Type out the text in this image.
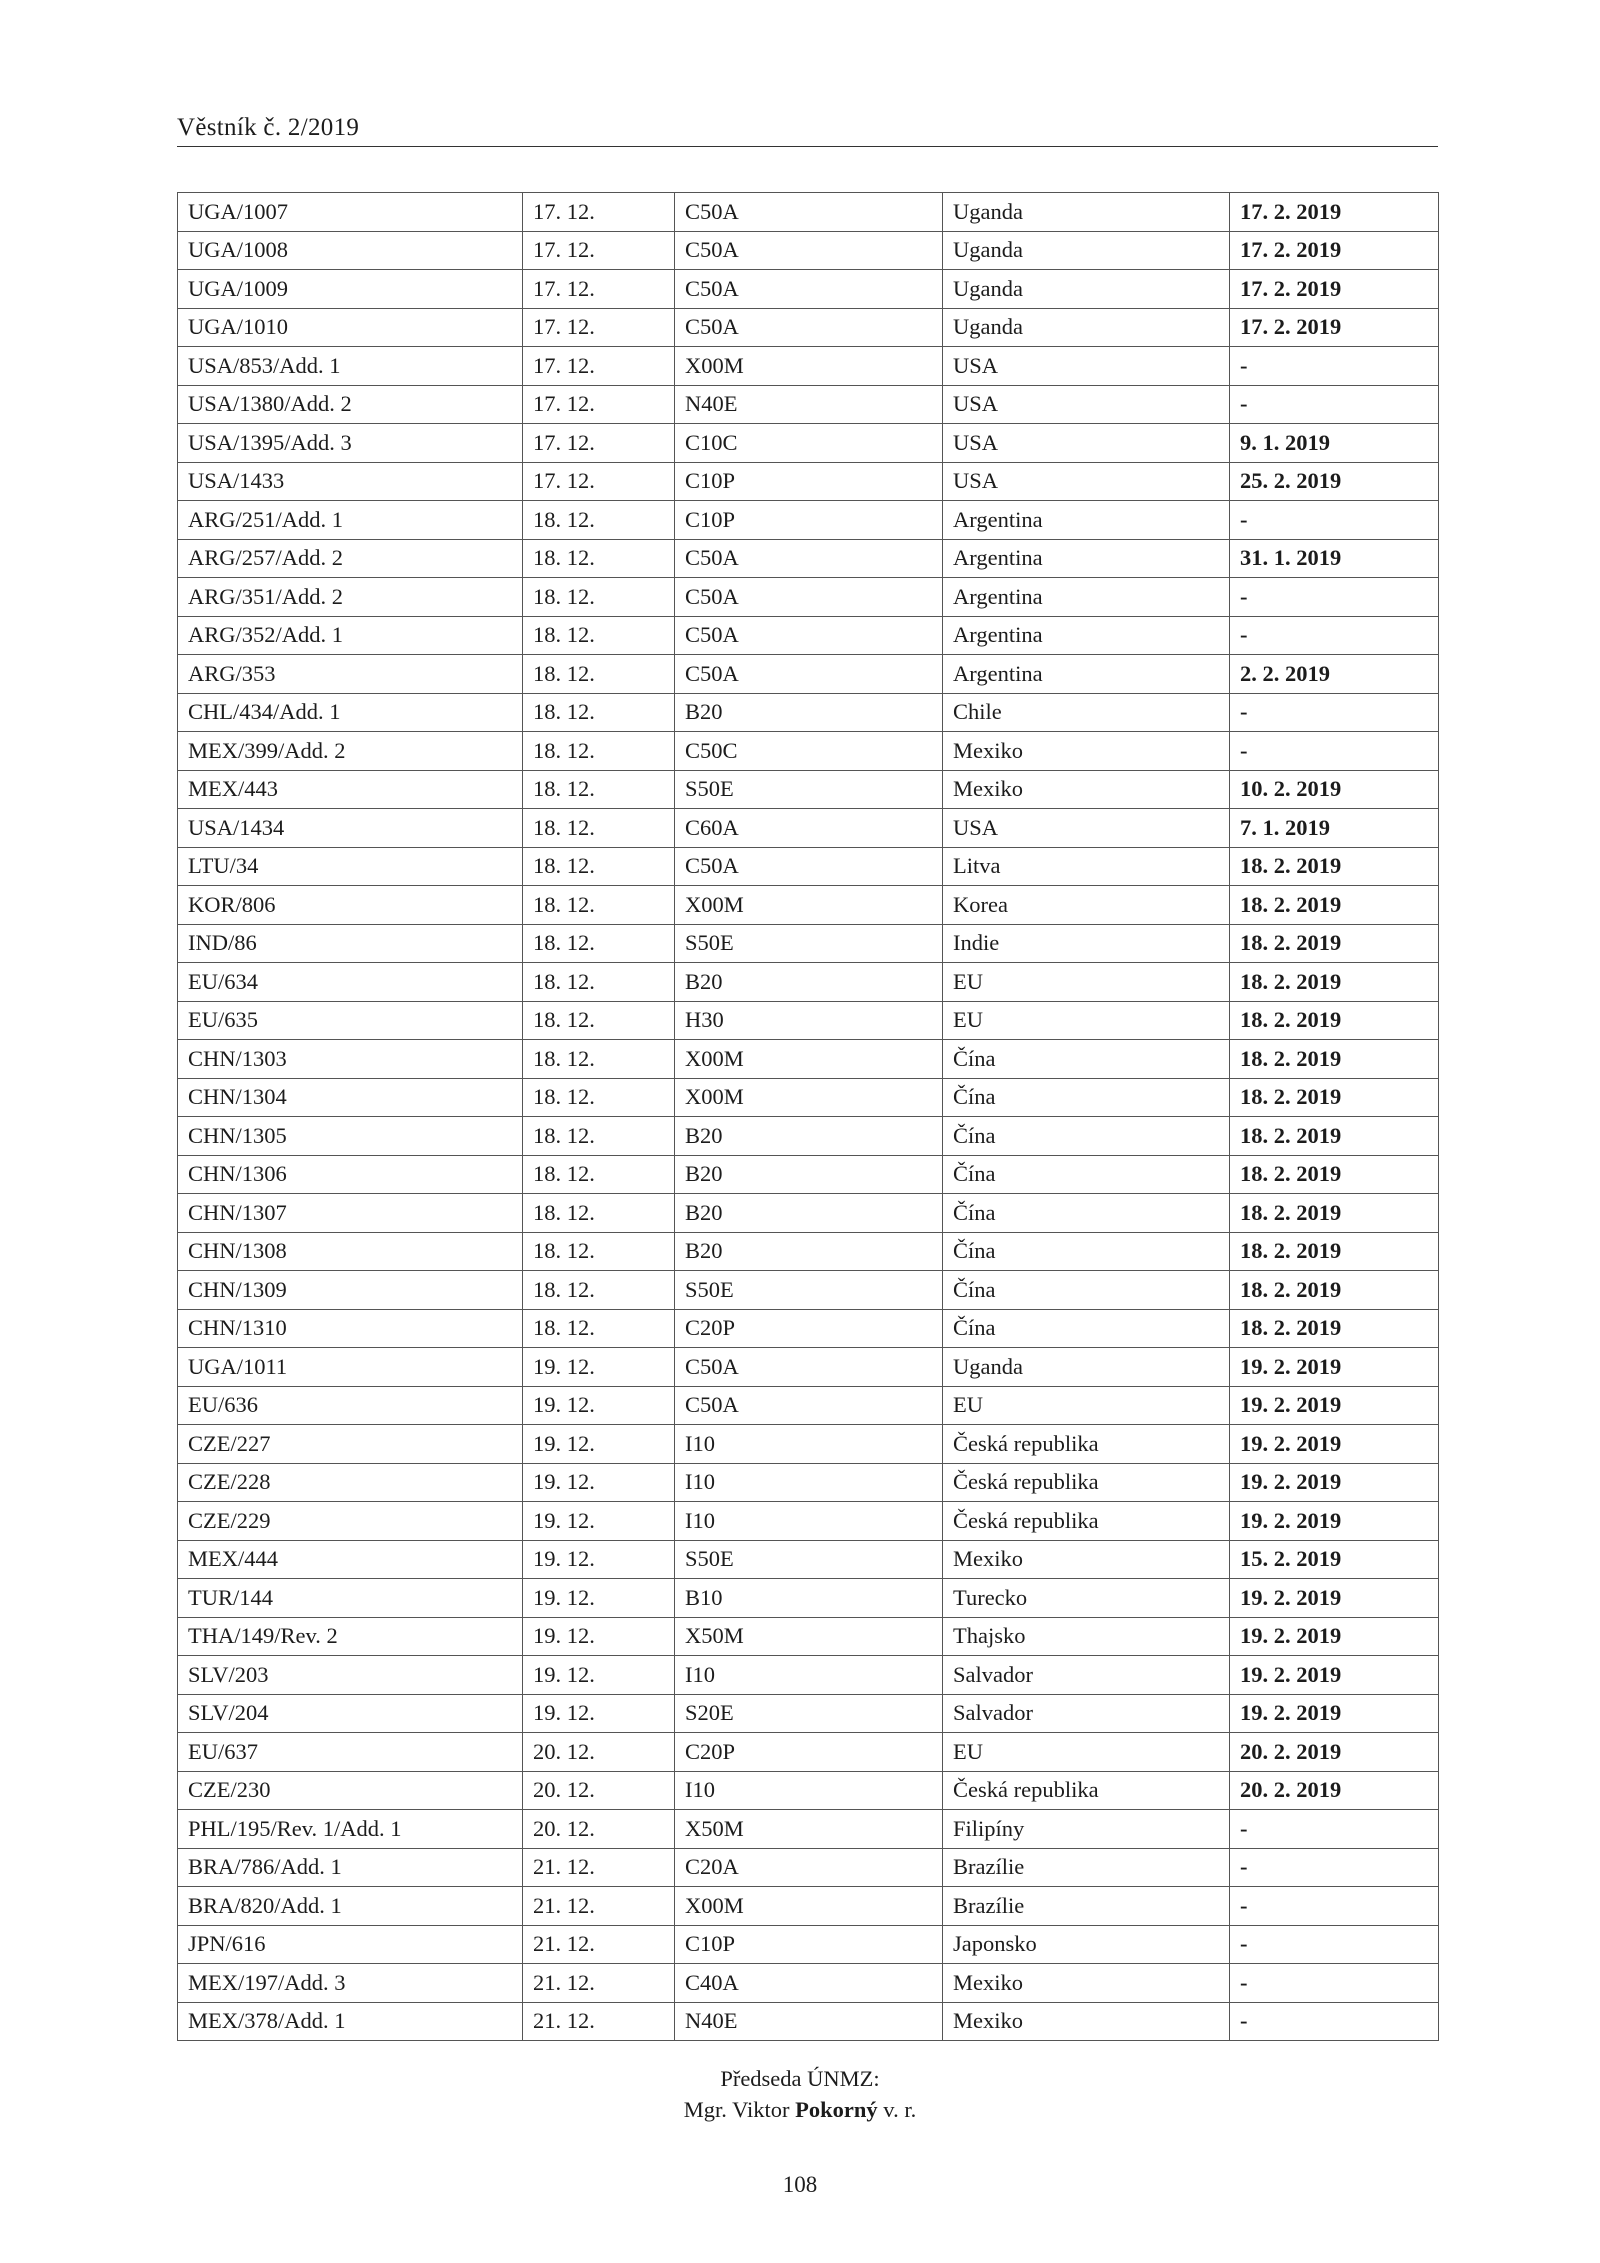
Věstník č. 2/2019
UGA/1007	17. 12.	C50A	Uganda	17. 2. 2019
UGA/1008	17. 12.	C50A	Uganda	17. 2. 2019
UGA/1009	17. 12.	C50A	Uganda	17. 2. 2019
UGA/1010	17. 12.	C50A	Uganda	17. 2. 2019
USA/853/Add. 1	17. 12.	X00M	USA	-
USA/1380/Add. 2	17. 12.	N40E	USA	-
USA/1395/Add. 3	17. 12.	C10C	USA	9. 1. 2019
USA/1433	17. 12.	C10P	USA	25. 2. 2019
ARG/251/Add. 1	18. 12.	C10P	Argentina	-
ARG/257/Add. 2	18. 12.	C50A	Argentina	31. 1. 2019
ARG/351/Add. 2	18. 12.	C50A	Argentina	-
ARG/352/Add. 1	18. 12.	C50A	Argentina	-
ARG/353	18. 12.	C50A	Argentina	2. 2. 2019
CHL/434/Add. 1	18. 12.	B20	Chile	-
MEX/399/Add. 2	18. 12.	C50C	Mexiko	-
MEX/443	18. 12.	S50E	Mexiko	10. 2. 2019
USA/1434	18. 12.	C60A	USA	7. 1. 2019
LTU/34	18. 12.	C50A	Litva	18. 2. 2019
KOR/806	18. 12.	X00M	Korea	18. 2. 2019
IND/86	18. 12.	S50E	Indie	18. 2. 2019
EU/634	18. 12.	B20	EU	18. 2. 2019
EU/635	18. 12.	H30	EU	18. 2. 2019
CHN/1303	18. 12.	X00M	Čína	18. 2. 2019
CHN/1304	18. 12.	X00M	Čína	18. 2. 2019
CHN/1305	18. 12.	B20	Čína	18. 2. 2019
CHN/1306	18. 12.	B20	Čína	18. 2. 2019
CHN/1307	18. 12.	B20	Čína	18. 2. 2019
CHN/1308	18. 12.	B20	Čína	18. 2. 2019
CHN/1309	18. 12.	S50E	Čína	18. 2. 2019
CHN/1310	18. 12.	C20P	Čína	18. 2. 2019
UGA/1011	19. 12.	C50A	Uganda	19. 2. 2019
EU/636	19. 12.	C50A	EU	19. 2. 2019
CZE/227	19. 12.	I10	Česká republika	19. 2. 2019
CZE/228	19. 12.	I10	Česká republika	19. 2. 2019
CZE/229	19. 12.	I10	Česká republika	19. 2. 2019
MEX/444	19. 12.	S50E	Mexiko	15. 2. 2019
TUR/144	19. 12.	B10	Turecko	19. 2. 2019
THA/149/Rev. 2	19. 12.	X50M	Thajsko	19. 2. 2019
SLV/203	19. 12.	I10	Salvador	19. 2. 2019
SLV/204	19. 12.	S20E	Salvador	19. 2. 2019
EU/637	20. 12.	C20P	EU	20. 2. 2019
CZE/230	20. 12.	I10	Česká republika	20. 2. 2019
PHL/195/Rev. 1/Add. 1	20. 12.	X50M	Filipíny	-
BRA/786/Add. 1	21. 12.	C20A	Brazílie	-
BRA/820/Add. 1	21. 12.	X00M	Brazílie	-
JPN/616	21. 12.	C10P	Japonsko	-
MEX/197/Add. 3	21. 12.	C40A	Mexiko	-
MEX/378/Add. 1	21. 12.	N40E	Mexiko	-
Předseda ÚNMZ:
Mgr. Viktor Pokorný v. r.
108
